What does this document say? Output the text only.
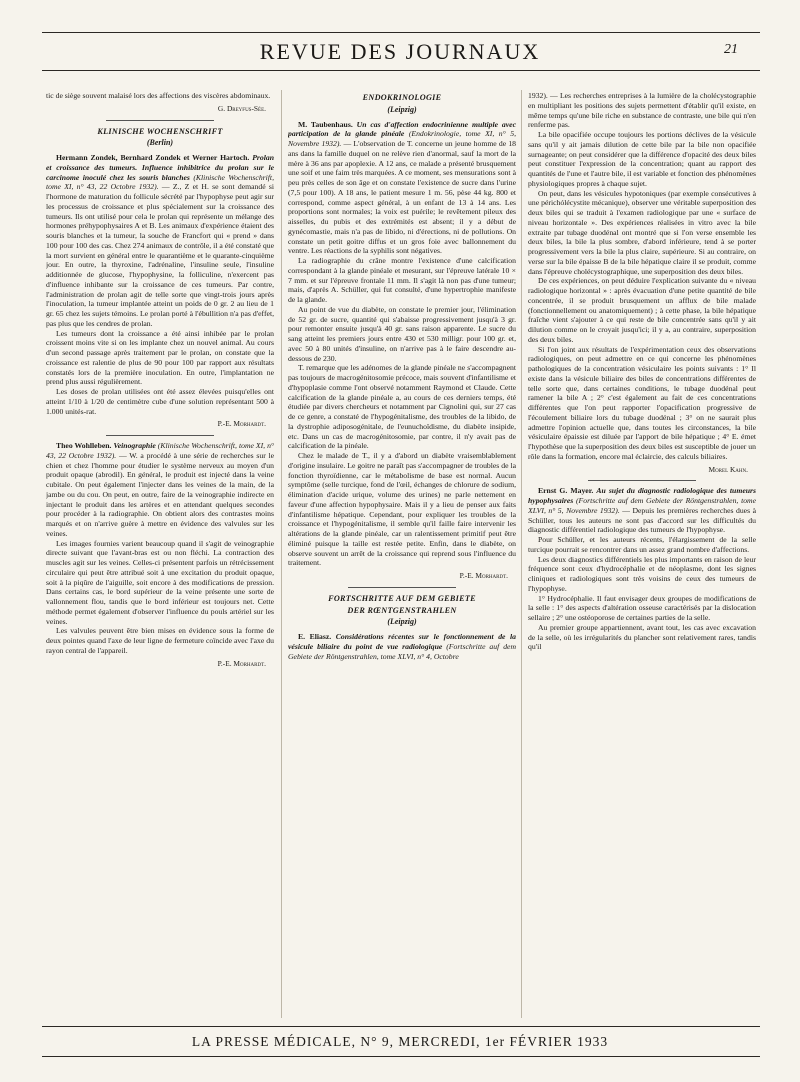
REVUE DES JOURNAUX	21

tic de siège souvent malaisé lors des affections des viscères abdominaux.

G. Dreyfus-Sée.
KLINISCHE WOCHENSCHRIFT
(Berlin)

Hermann Zondek, Bernhard Zondek et Werner Hartoch. Prolan et croissance des tumeurs. Influence inhibitrice du prolan sur le carcinome inoculé chez les souris blanches (Klinische Wochenschrift, tome XI, n° 43, 22 Octobre 1932). — Z., Z et H. se sont demandé si l'hormone de maturation du follicule sécrété par l'hypophyse peut agir sur les processus de croissance et plus spécialement sur la croissance des tumeurs. Ils ont utilisé pour cela le prolan qui représente un mélange des hormones préhypophysaires A et B. Les animaux d'expérience étaient des souris blanches et la tumeur, la souche de Francfort qui « prend » dans 100 pour 100 des cas. Chez 274 animaux de contrôle, il a été constaté que la mort survient en général entre le quarantième et le quarante-cinquième jour. En outre, la thyroxine, l'adrénaline, l'insuline seule, l'insuline additionnée de glucose, l'hypophysine, la folliculine, n'exercent pas d'influence inhibante sur la croissance de ces tumeurs. Par contre, l'administration de prolan agit de telle sorte que vingt-trois jours après l'inoculation, la tumeur implantée atteint un poids de 0 gr. 2 au lieu de 1 gr. 65 chez les sujets témoins. Le prolan porté à l'ébullition n'a pas d'effet, pas plus que les cendres de prolan.

Les tumeurs dont la croissance a été ainsi inhibée par le prolan croissent moins vite si on les implante chez un nouvel animal. Au cours d'un second passage après traitement par le prolan, on constate que la croissance est ralentie de plus de 90 pour 100 par rapport aux résultats constatés lors de la première inoculation. En outre, l'implantation ne prend plus aussi régulièrement.

Les doses de prolan utilisées ont été assez élevées puisqu'elles ont atteint 1/10 à 1/20 de centimètre cube d'une solution représentant 500 à 1.000 unités-rat.

P.-E. Morhardt.

Theo Wohlleben. Veinographie (Klinische Wochenschrift, tome XI, n° 43, 22 Octobre 1932). — W. a procédé à une série de recherches sur le chien et chez l'homme pour étudier le système nerveux au moyen d'un produit opaque (abrodil). En général, le produit est injecté dans la veine cubitale. On peut également l'injecter dans les veines de la main, de la jambe ou du cou. On peut, en outre, faire de la veinographie indirecte en injectant le produit dans les artères et en attendant quelques secondes pour procéder à la radiographie. On obtient alors des contrastes moins marqués et on n'arrive guère à mettre en évidence des valvules sur les veines.

Les images fournies varient beaucoup quand il s'agit de veinographie directe suivant que l'avant-bras est ou non fléchi. La contraction des muscles agit sur les veines. Celles-ci présentent parfois un rétrécissement circulaire qui peut être attribué soit à une excitation du produit opaque, soit à la piqûre de l'aiguille, soit encore à des modifications de pression. Dans certains cas, le bord supérieur de la veine présente une sorte de vallonnement flou, tandis que le bord inférieur est toujours net. Cette méthode permet également d'observer l'influence du pouls artériel sur les veines.

Les valvules peuvent être bien mises en évidence sous la forme de deux pointes quand l'axe de leur ligne de fermeture coïncide avec l'axe du rayon central de l'appareil.

P.-E. Morhardt.
ENDOKRINOLOGIE
(Leipzig)

M. Taubenhaus. Un cas d'affection endocrinienne multiple avec participation de la glande pinéale (Endokrinologie, tome XI, n° 5, Novembre 1932). — L'observation de T. concerne un jeune homme de 18 ans dans la famille duquel on ne relève rien d'anormal, sauf la mort de la mère à 36 ans par apoplexie. A 12 ans, ce malade a présenté brusquement une soif et une faim très marquées. A ce moment, ses mensurations sont à peu près celles de son âge et on constate l'existence de sucre dans l'urine (7,5 pour 100). A 18 ans, le patient mesure 1 m. 56, pèse 44 kg. 800 et correspond, comme aspect général, à un enfant de 13 à 14 ans. Les proportions sont normales; la voix est puérile; le revêtement pileux des aisselles, du pubis et des extrémités est absent; il y a début de gynécomastie, mais n'a pas de libido, ni d'érections, ni de pollutions. On constate un petit goitre diffus et un gros foie avec ballonnement du ventre. Les réactions de la syphilis sont négatives.

La radiographie du crâne montre l'existence d'une calcification correspondant à la glande pinéale et mesurant, sur l'épreuve latérale 10 × 7 mm. et sur l'épreuve frontale 11 mm. Il s'agit là non pas d'une tumeur; mais, d'après A. Schüller, qui fut consulté, d'une hypertrophie manifeste de la glande.

Au point de vue du diabète, on constate le premier jour, l'élimination de 52 gr. de sucre, quantité qui s'abaisse progressivement jusqu'à 3 gr. pour remonter ensuite jusqu'à 40 gr. sans raison apparente. Le sucre du sang atteint les premiers jours entre 430 et 530 milligr. pour 100 gr. et, avec 50 à 80 unités d'insuline, on n'arrive pas à le faire descendre au-dessous de 230.

T. remarque que les adénomes de la glande pinéale ne s'accompagnent pas toujours de macrogénitosomie précoce, mais souvent d'infantilisme et d'hypoplasie comme l'ont observé notamment Raymond et Claude. Cette calcification de la glande pinéale a, au cours de ces derniers temps, été étudiée par divers chercheurs et notamment par Cignolini qui, sur 27 cas de ce genre, a constaté de l'hypogénitalisme, des troubles de la libido, de la dystrophie adiposogénitale, de l'eunuchoïdisme, du diabète insipide, etc. Dans un cas de macrogénitosomie, par contre, il n'y avait pas de calcification de la pinéale.

Chez le malade de T., il y a d'abord un diabète vraisemblablement d'origine insulaire. Le goitre ne paraît pas s'accompagner de troubles de la fonction thyroïdienne, car le métabolisme de base est normal. Aucun symptôme (selle turcique, fond de l'œil, échanges de chlorure de sodium, élimination d'acide urique, volume des urines) ne parle nettement en faveur d'une affection hypophysaire. Mais il y a lieu de penser aux faits d'infantilisme hépatique. Cependant, pour expliquer les troubles de la croissance et l'hypogénitalisme, il semble qu'il faille faire intervenir les altérations de la glande pinéale, car un ralentissement primitif peut être éliminé puisque la taille est restée petite. Enfin, dans le diabète, on observe souvent un arrêt de la croissance qui reprend sous l'influence du traitement.

P.-E. Morhardt.
FORTSCHRITTE AUF DEM GEBIETE
DER RŒNTGENSTRAHLEN
(Leipzig)

E. Eliasz. Considérations récentes sur le fonctionnement de la vésicule biliaire du point de vue radiologique (Fortschritte auf dem Gebiete der Röntgenstrahlen, tome XLVI, n° 4, Octobre

1932). — Les recherches entreprises à la lumière de la cholécystographie en multipliant les positions des sujets permettent d'établir qu'il existe, en même temps qu'une bile riche en substance de contraste, une bile qui n'en renferme pas.

La bile opacifiée occupe toujours les portions déclives de la vésicule sans qu'il y ait jamais dilution de cette bile par la bile non opacifiée surnageante; on peut considérer que la différence d'opacité des deux biles peut constituer l'expression de la concentration; quant au rapport des quantités de l'une et l'autre bile, il est variable et fonction des phénomènes physiologiques propres à chaque sujet.

On peut, dans les vésicules hypotoniques (par exemple consécutives à une périchólécystite mécanique), observer une véritable superposition des deux biles qui se traduit à l'examen radiologique par une « surface de niveau horizontale ». Des expériences réalisées in vitro avec la bile extraite par tubage duodénal ont montré que si l'on verse ensemble les deux biles, la bile la plus sombre, d'abord inférieure, tend à se porter progressivement vers la bile la plus claire, supérieure. Si au contraire, on verse sur la bile épaisse B de la bile hépatique claire il se produit, comme dans l'épreuve cholécystographique, une superposition des deux biles.

De ces expériences, on peut déduire l'explication suivante du « niveau radiologique horizontal » : après évacuation d'une petite quantité de bile concentrée, il se produit brusquement un afflux de bile malade (fonctionnellement ou anatomiquement) ; à cette phase, la bile hépatique fraîche vient s'ajouter à ce qui reste de bile concentrée sans qu'il y ait dilution comme on le croyait jusqu'ici; il y a, au contraire, superposition des deux biles.

Si l'on joint aux résultats de l'expérimentation ceux des observations radiologiques, on peut admettre en ce qui concerne les phénomènes pathologiques de la concentration vésiculaire les points suivants : 1° Il existe dans la vésicule biliaire des biles de concentrations différentes de telle sorte que, dans certaines conditions, le tubage duodénal peut ramener la bile A ; 2° c'est également au fait de ces concentrations différentes que l'on peut rapporter l'opacification progressive de l'écoulement biliaire lors du tubage duodénal ; 3° on ne saurait plus admettre l'opinion actuelle que, dans toutes les circonstances, la bile vésiculaire épaissie est diluée par l'apport de bile hépatique ; 4° E. émet l'hypothèse que la superposition des deux biles est susceptible de jouer un rôle dans la formation, encore mal éclaircie, des calculs biliaires.

Morel Kahn.

Ernst G. Mayer. Au sujet du diagnostic radiologique des tumeurs hypophysaires (Fortschritte auf dem Gebiete der Röntgenstrahlen, tome XLVI, n° 5, Novembre 1932). — Depuis les premières recherches dues à Schüller, tous les auteurs ne sont pas d'accord sur les difficultés du diagnostic différentiel radiologique des tumeurs de l'hypophyse.

Pour Schüller, et les auteurs récents, l'élargissement de la selle turcique pourrait se rencontrer dans un assez grand nombre d'affections.

Les deux diagnostics différentiels les plus importants en raison de leur fréquence sont ceux d'hydrocéphalie et de néoplasme, dont les signes cliniques et radiologiques sont très voisins de ceux des tumeurs de l'hypophyse.

1° Hydrocéphalie. Il faut envisager deux groupes de modifications de la selle : 1° des aspects d'altération osseuse caractérisés par la dislocation sellaire ; 2° une ostéoporose de certaines parties de la selle.

Au premier groupe appartiennent, avant tout, les cas avec excavation de la selle, où les irrégularités du plancher sont relativement rares, tandis qu'il

LA PRESSE MÉDICALE, N° 9, MERCREDI, 1er FÉVRIER 1933
